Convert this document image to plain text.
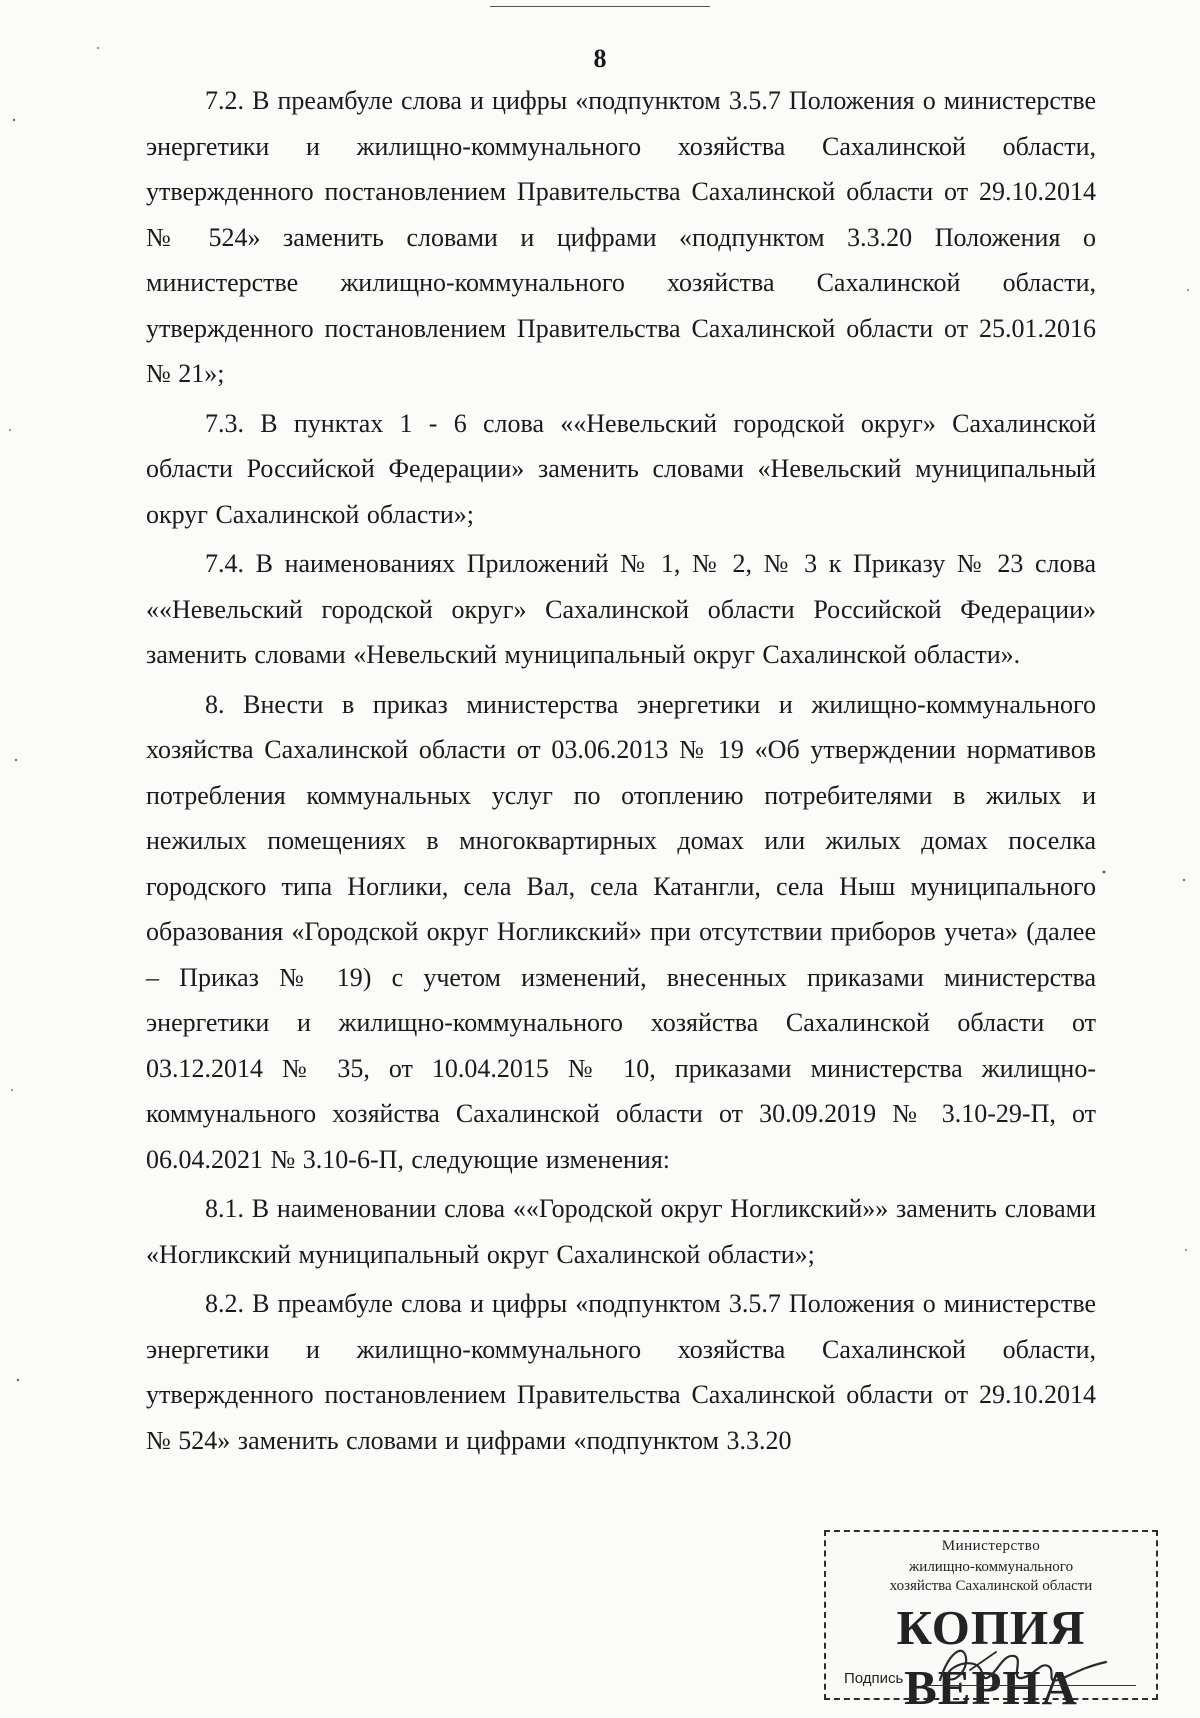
8

7.2. В преамбуле слова и цифры «подпунктом 3.5.7 Положения о министерстве энергетики и жилищно-коммунального хозяйства Сахалинской области, утвержденного постановлением Правительства Сахалинской области от 29.10.2014 № 524» заменить словами и цифрами «подпунктом 3.3.20 Положения о министерстве жилищно-коммунального хозяйства Сахалинской области, утвержденного постановлением Правительства Сахалинской области от 25.01.2016 № 21»;

7.3. В пунктах 1 - 6 слова ««Невельский городской округ» Сахалинской области Российской Федерации» заменить словами «Невельский муниципальный округ Сахалинской области»;

7.4. В наименованиях Приложений № 1, № 2, № 3 к Приказу № 23 слова ««Невельский городской округ» Сахалинской области Российской Федерации» заменить словами «Невельский муниципальный округ Сахалинской области».

8. Внести в приказ министерства энергетики и жилищно-коммунального хозяйства Сахалинской области от 03.06.2013 № 19 «Об утверждении нормативов потребления коммунальных услуг по отоплению потребителями в жилых и нежилых помещениях в многоквартирных домах или жилых домах поселка городского типа Ноглики, села Вал, села Катангли, села Ныш муниципального образования «Городской округ Ногликский» при отсутствии приборов учета» (далее – Приказ № 19) с учетом изменений, внесенных приказами министерства энергетики и жилищно-коммунального хозяйства Сахалинской области от 03.12.2014 № 35, от 10.04.2015 № 10, приказами министерства жилищно-коммунального хозяйства Сахалинской области от 30.09.2019 № 3.10-29-П, от 06.04.2021 № 3.10-6-П, следующие изменения:

8.1. В наименовании слова ««Городской округ Ногликский»» заменить словами «Ногликский муниципальный округ Сахалинской области»;

8.2. В преамбуле слова и цифры «подпунктом 3.5.7 Положения о министерстве энергетики и жилищно-коммунального хозяйства Сахалинской области, утвержденного постановлением Правительства Сахалинской области от 29.10.2014 № 524» заменить словами и цифрами «подпунктом 3.3.20

Министерство
жилищно-коммунального
хозяйства Сахалинской области
КОПИЯ ВЕРНА
Подпись
